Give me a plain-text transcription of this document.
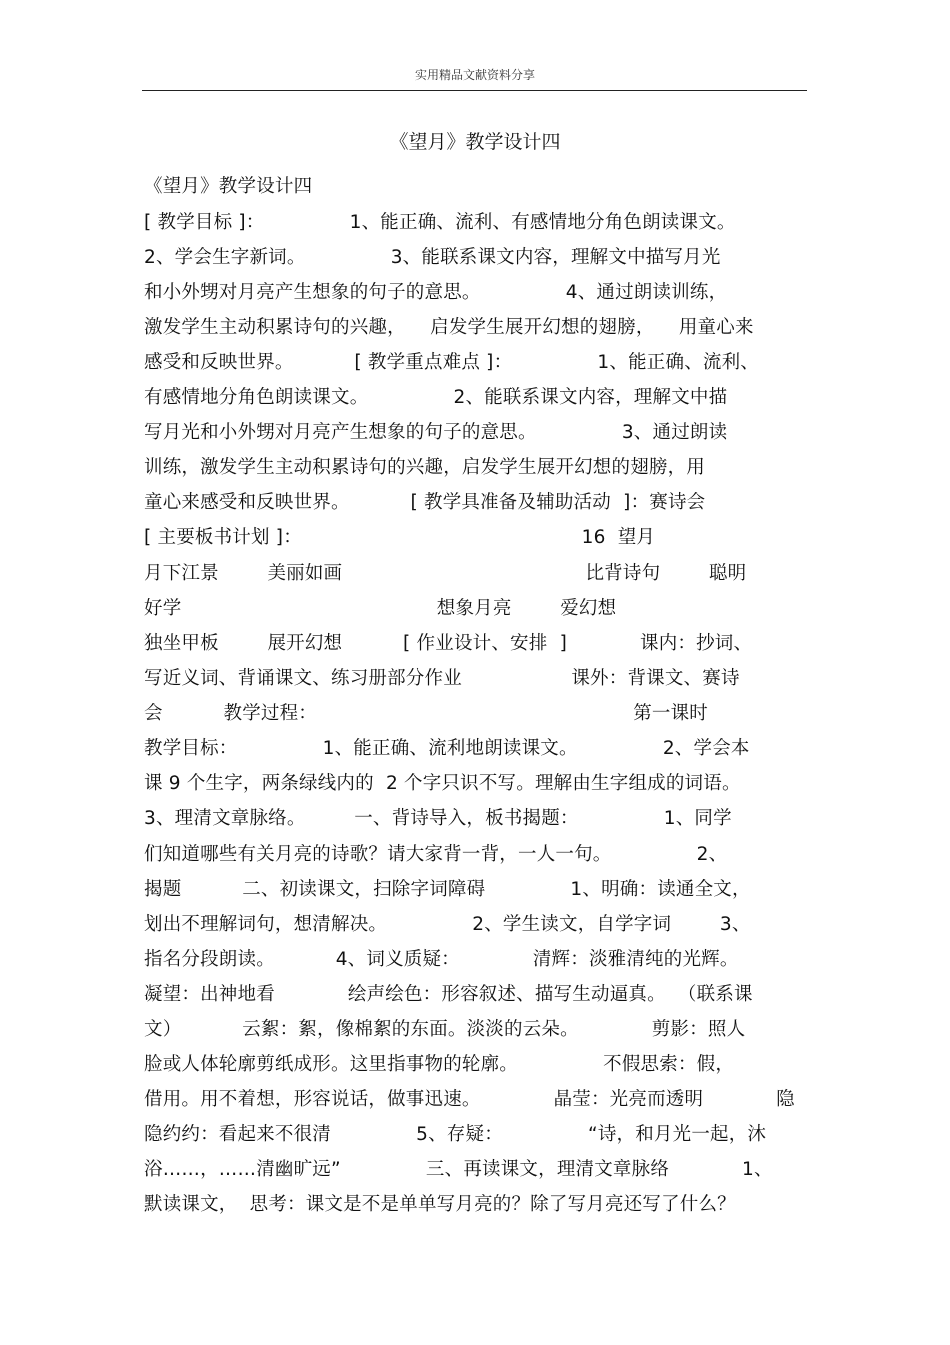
实用精品文献资料分享
《望月》教学设计四
《望月》教学设计四
[ 教学目标 ]：              1、能正确、流利、有感情地分角色朗读课文。
2、学会生字新词。              3、能联系课文内容，理解文中描写月光
和小外甥对月亮产生想象的句子的意思。              4、通过朗读训练，
激发学生主动积累诗句的兴趣，    启发学生展开幻想的翅膀，    用童心来
感受和反映世界。          [ 教学重点难点 ]：              1、能正确、流利、
有感情地分角色朗读课文。              2、能联系课文内容，理解文中描
写月光和小外甥对月亮产生想象的句子的意思。              3、通过朗读
训练，激发学生主动积累诗句的兴趣，启发学生展开幻想的翅膀，用
童心来感受和反映世界。          [ 教学具准备及辅助活动  ]：赛诗会
[ 主要板书计划 ]：                                              16  望月
月下江景        美丽如画                                        比背诗句        聪明
好学                                          想象月亮        爱幻想
独坐甲板        展开幻想          [ 作业设计、安排  ]            课内：抄词、
写近义词、背诵课文、练习册部分作业                  课外：背课文、赛诗
会          教学过程：                                                    第一课时
教学目标：              1、能正确、流利地朗读课文。              2、学会本
课 9 个生字，两条绿线内的  2 个字只识不写。理解由生字组成的词语。
3、理清文章脉络。        一、背诗导入，板书揭题：              1、同学
们知道哪些有关月亮的诗歌？请大家背一背，一人一句。              2、
揭题          二、初读课文，扫除字词障碍              1、明确：读通全文，
划出不理解词句，想清解决。              2、学生读文，自学字词        3、
指名分段朗读。          4、词义质疑：            清辉：淡雅清纯的光辉。
凝望：出神地看            绘声绘色：形容叙述、描写生动逼真。  （联系课
文）          云絮：絮，像棉絮的东面。淡淡的云朵。            剪影：照人
脸或人体轮廓剪纸成形。这里指事物的轮廓。              不假思索：假，
借用。用不着想，形容说话，做事迅速。            晶莹：光亮而透明            隐
隐约约：看起来不很清              5、存疑：              “诗，和月光一起，沐
浴……，……清幽旷远”              三、再读课文，理清文章脉络            1、
默读课文，  思考：课文是不是单单写月亮的？除了写月亮还写了什么？
